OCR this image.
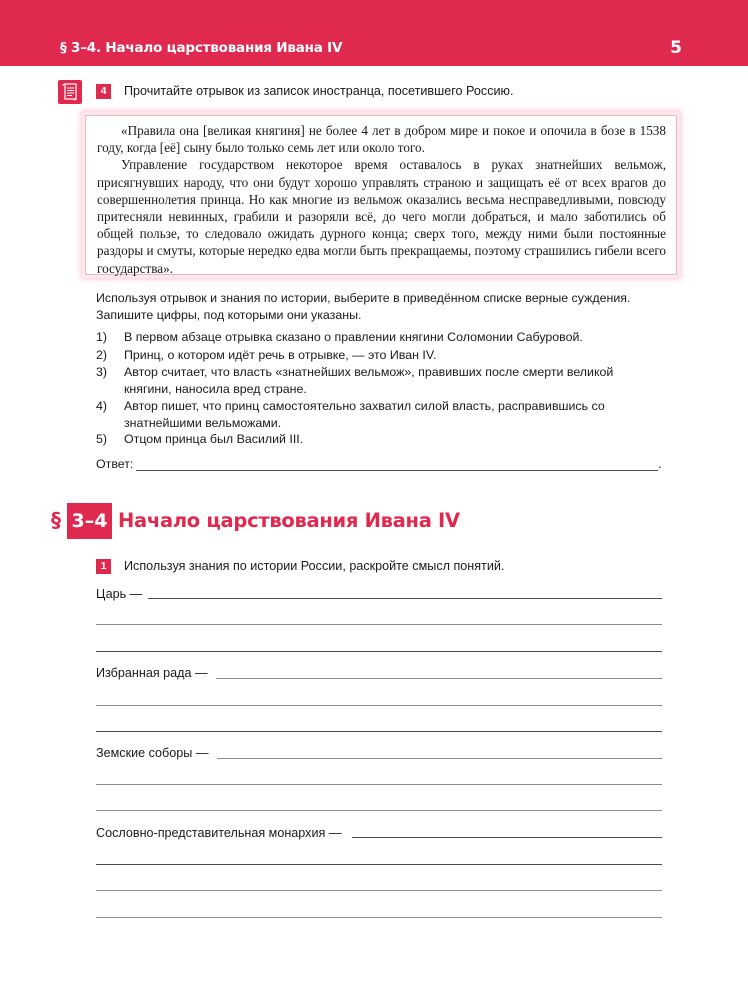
§ 3–4. Начало царствования Ивана IV	5
4	Прочитайте отрывок из записок иностранца, посетившего Россию.

«Правила она [великая княгиня] не более 4 лет в добром мире и покое и опочила в бозе в 1538 году, когда [её] сыну было только семь лет или около того.

Управление государством некоторое время оставалось в руках знатнейших вельмож, присягнувших народу, что они будут хорошо управлять страною и защищать её от всех врагов до совершеннолетия принца. Но как многие из вельмож оказались весьма несправедливыми, повсюду притесняли невинных, грабили и разоряли всё, до чего могли добраться, и мало заботились об общей пользе, то следовало ожидать дурного конца; сверх того, между ними были постоянные раздоры и смуты, которые нередко едва могли быть прекращаемы, поэтому страшились гибели всего государства».

Используя отрывок и знания по истории, выберите в приведённом списке верные суждения. Запишите цифры, под которыми они указаны.
1) В первом абзаце отрывка сказано о правлении княгини Соломонии Сабуровой.
2) Принц, о котором идёт речь в отрывке, — это Иван IV.
3) Автор считает, что власть «знатнейших вельмож», правивших после смерти великой княгини, наносила вред стране.
4) Автор пишет, что принц самостоятельно захватил силой власть, расправившись со знатнейшими вельможами.
5) Отцом принца был Василий III.
Ответ:	.
§ 3–4 Начало царствования Ивана IV
1	Используя знания по истории России, раскройте смысл понятий.
Царь —
Избранная рада —
Земские соборы —
Сословно-представительная монархия —
